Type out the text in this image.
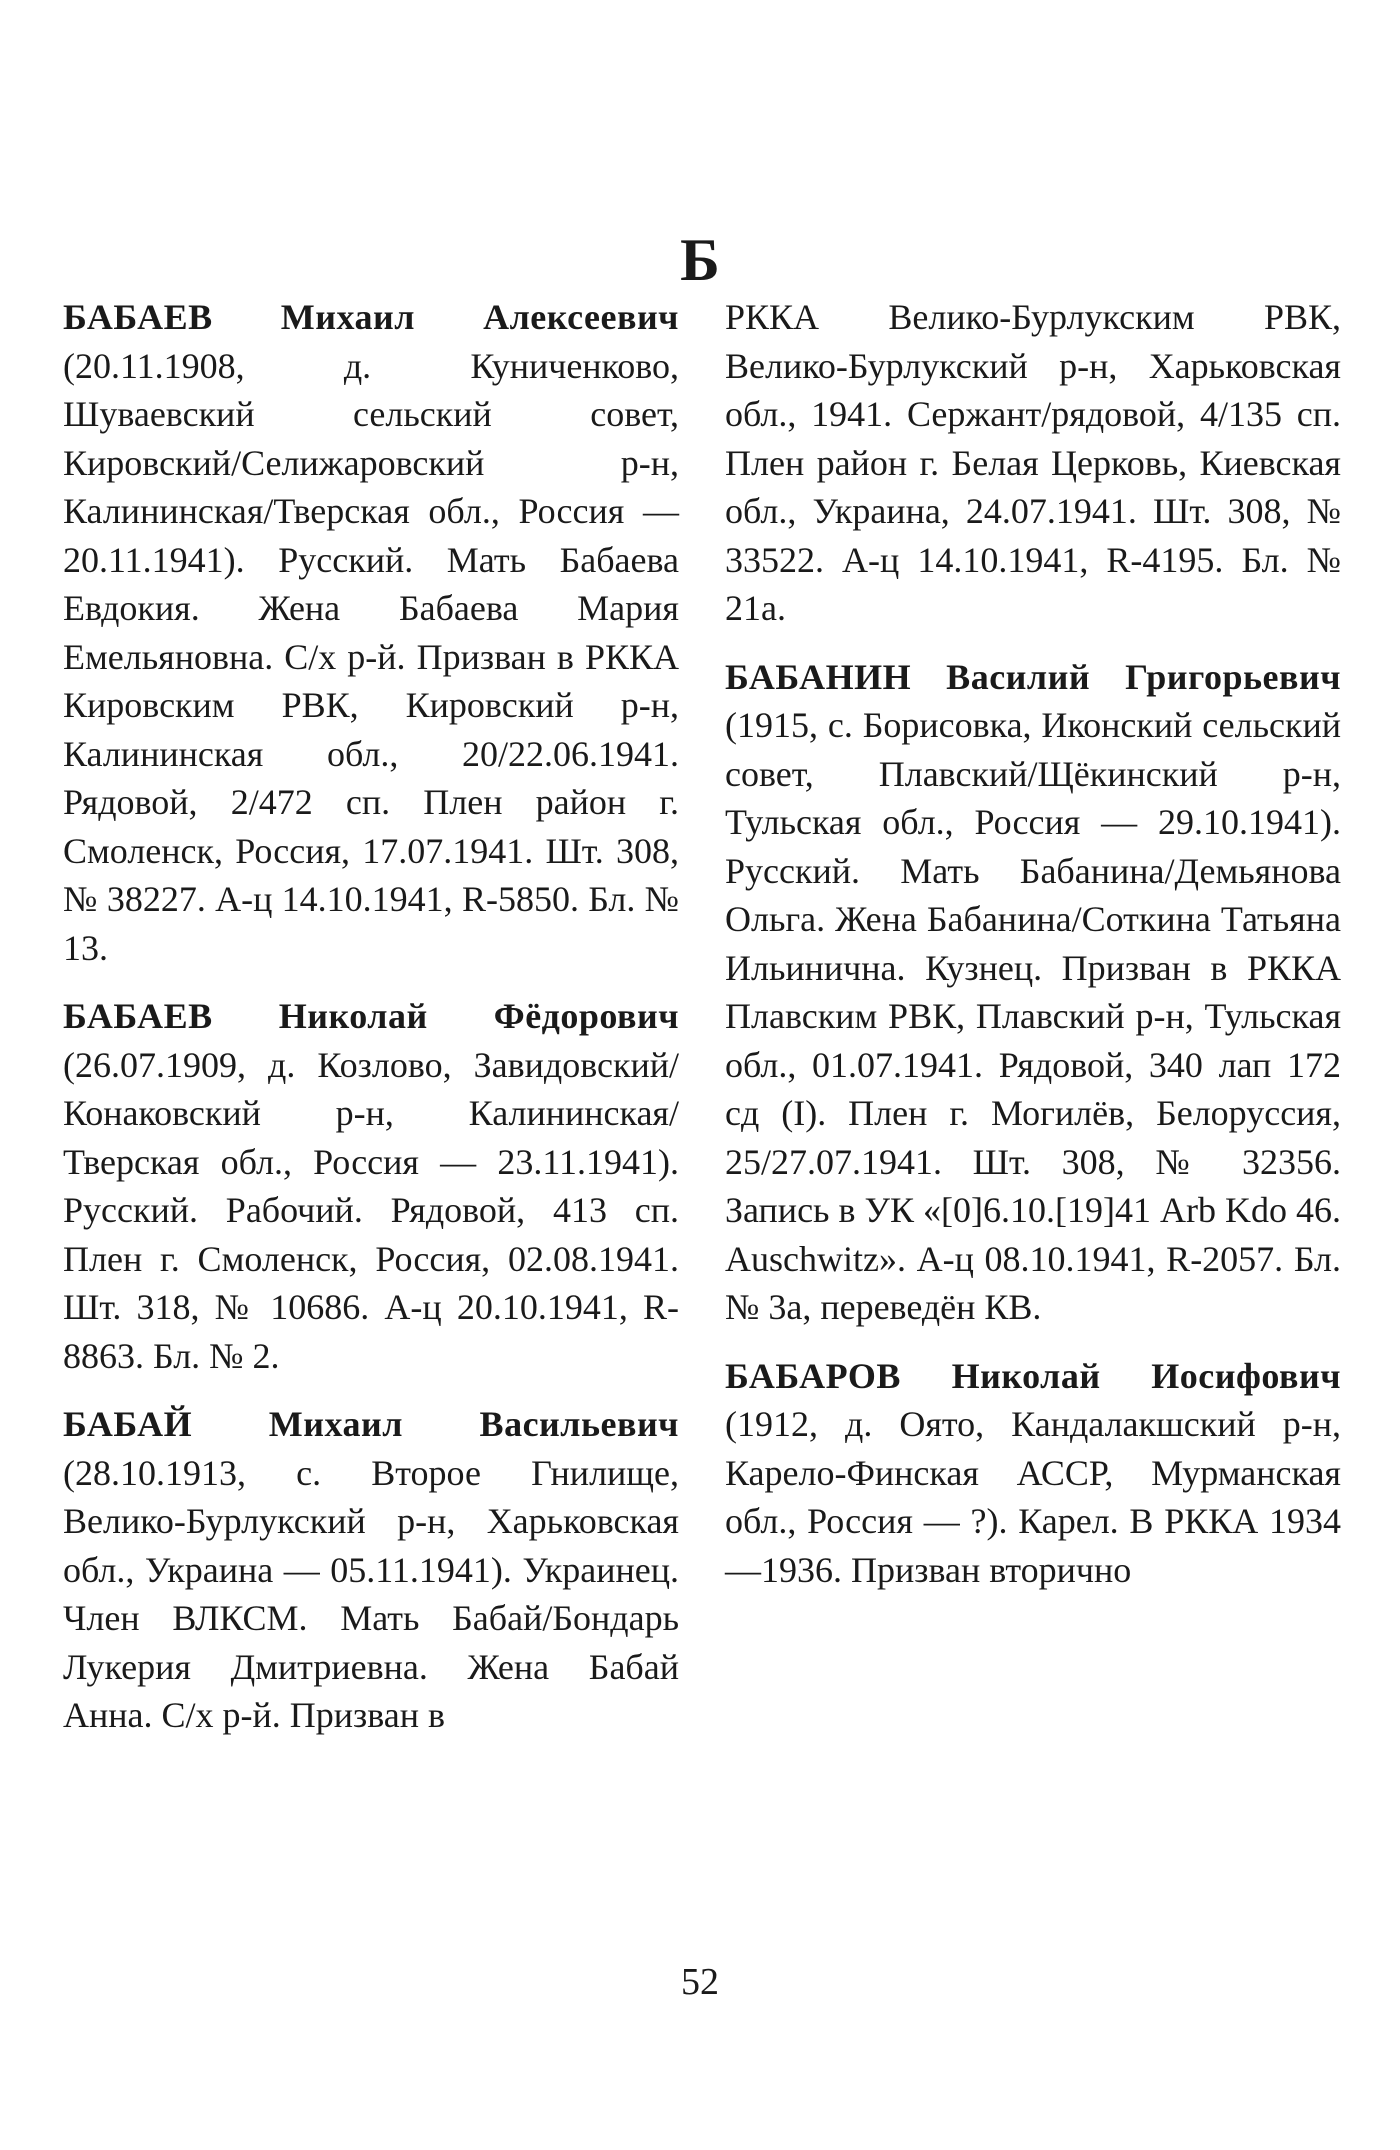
Б

БАБАЕВ Михаил Алексеевич (20.11.1908, д. Куниченково, Шуваевский сельский совет, Кировский/Селижаровский р-н, Калининская/Тверская обл., Россия — 20.11.1941). Русский. Мать Бабаева Евдокия. Жена Бабаева Мария Емельяновна. С/х р-й. Призван в РККА Кировским РВК, Кировский р-н, Калининская обл., 20/22.06.1941. Рядовой, 2/472 сп. Плен район г. Смоленск, Россия, 17.07.1941. Шт. 308, № 38227. А-ц 14.10.1941, R-5850. Бл. № 13.

БАБАЕВ Николай Фёдорович (26.07.1909, д. Козлово, Завидовский/Конаковский р-н, Калининская/Тверская обл., Россия — 23.11.1941). Русский. Рабочий. Рядовой, 413 сп. Плен г. Смоленск, Россия, 02.08.1941. Шт. 318, № 10686. А-ц 20.10.1941, R-8863. Бл. № 2.

БАБАЙ Михаил Васильевич (28.10.1913, с. Второе Гнилище, Велико-Бурлукский р-н, Харьковская обл., Украина — 05.11.1941). Украинец. Член ВЛКСМ. Мать Бабай/Бондарь Лукерия Дмитриевна. Жена Бабай Анна. С/х р-й. Призван в

РККА Велико-Бурлукским РВК, Велико-Бурлукский р-н, Харьковская обл., 1941. Сержант/рядовой, 4/135 сп. Плен район г. Белая Церковь, Киевская обл., Украина, 24.07.1941. Шт. 308, № 33522. А-ц 14.10.1941, R-4195. Бл. № 21а.

БАБАНИН Василий Григорьевич (1915, с. Борисовка, Иконский сельский совет, Плавский/Щёкинский р-н, Тульская обл., Россия — 29.10.1941). Русский. Мать Бабанина/Демьянова Ольга. Жена Бабанина/Соткина Татьяна Ильинична. Кузнец. Призван в РККА Плавским РВК, Плавский р-н, Тульская обл., 01.07.1941. Рядовой, 340 лап 172 сд (I). Плен г. Могилёв, Белоруссия, 25/27.07.1941. Шт. 308, № 32356. Запись в УК «[0]6.10.[19]41 Arb Kdo 46. Auschwitz». А-ц 08.10.1941, R-2057. Бл. № 3а, переведён КВ.

БАБАРОВ Николай Иосифович (1912, д. Оято, Кандалакшский р-н, Карело-Финская АССР, Мурманская обл., Россия — ?). Карел. В РККА 1934—1936. Призван вторично

52
